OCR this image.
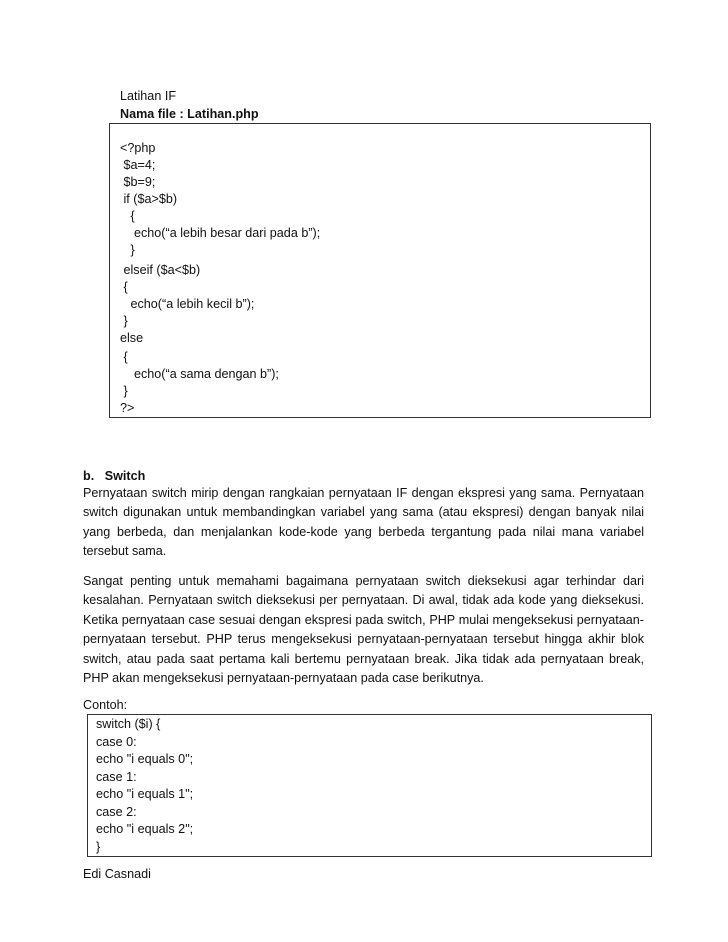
Latihan IF
Nama file : Latihan.php
<?php
$a=4;
$b=9;
if ($a>$b)
{
echo(“a lebih besar dari pada b”);
}
elseif ($a<$b)
{
echo(“a lebih kecil b”);
}
else
{
echo(“a sama dengan b”);
}
?>
b.   Switch
Pernyataan switch mirip dengan rangkaian pernyataan IF dengan ekspresi yang sama. Pernyataan switch digunakan untuk membandingkan variabel yang sama (atau ekspresi) dengan banyak nilai yang berbeda, dan menjalankan kode-kode yang berbeda tergantung pada nilai mana variabel tersebut sama.
Sangat penting untuk memahami bagaimana pernyataan switch dieksekusi agar terhindar dari kesalahan. Pernyataan switch dieksekusi per pernyataan. Di awal, tidak ada kode yang dieksekusi. Ketika pernyataan case sesuai dengan ekspresi pada switch, PHP mulai mengeksekusi pernyataan-pernyataan tersebut. PHP terus mengeksekusi pernyataan-pernyataan tersebut hingga akhir blok switch, atau pada saat pertama kali bertemu pernyataan break. Jika tidak ada pernyataan break, PHP akan mengeksekusi pernyataan-pernyataan pada case berikutnya.
Contoh:
switch ($i) {
case 0:
echo "i equals 0";
case 1:
echo "i equals 1";
case 2:
echo "i equals 2";
}
Edi Casnadi
